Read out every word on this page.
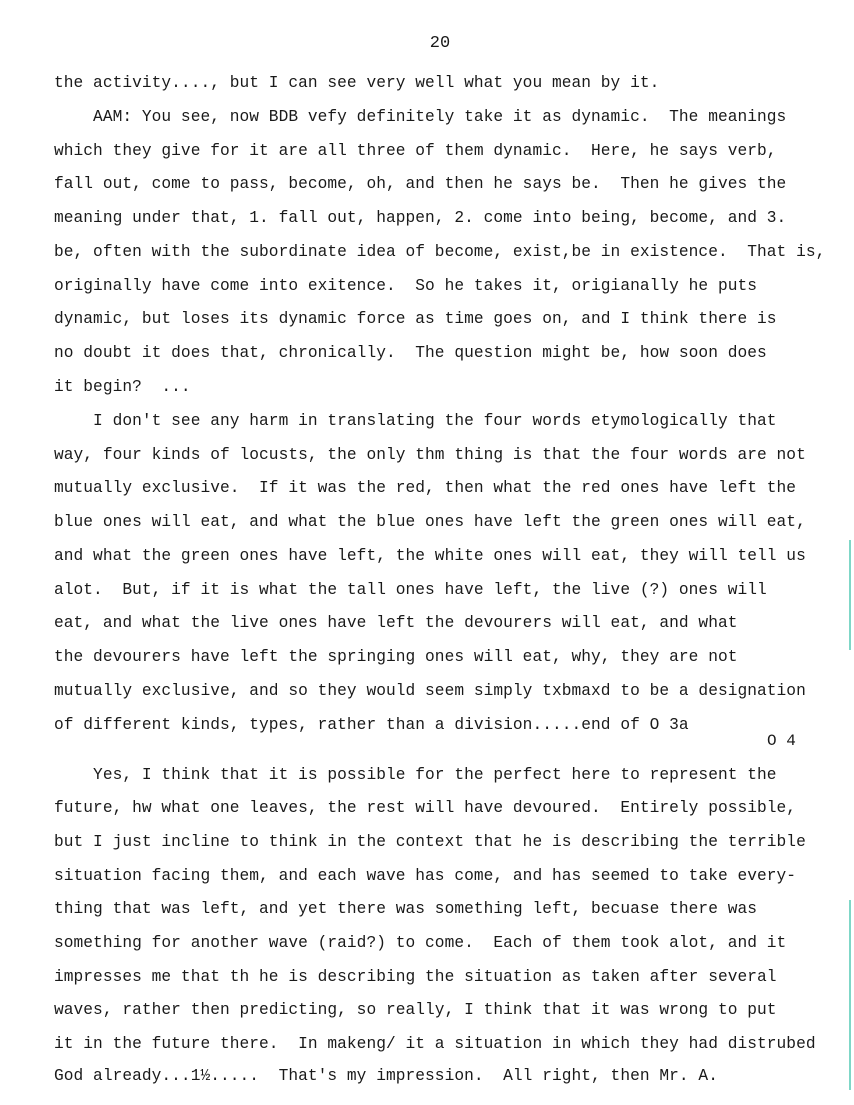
20
the activity...., but I can see very well what you mean by it.
AAM: You see, now BDB vefy definitely take it as dynamic.  The meanings
which they give for it are all three of them dynamic.  Here, he says verb,
fall out, come to pass, become, oh, and then he says be.  Then he gives the
meaning under that, 1. fall out, happen, 2. come into being, become, and 3.
be, often with the subordinate idea of become, exist,be in existence.  That is,
originally have come into exitence.  So he takes it, origianally he puts
dynamic, but loses its dynamic force as time goes on, and I think there is
no doubt it does that, chronically.  The question might be, how soon does
it begin?  ...
I don't see any harm in translating the four words etymologically that
way, four kinds of locusts, the only thm thing is that the four words are not
mutually exclusive.  If it was the red, then what the red ones have left the
blue ones will eat, and what the blue ones have left the green ones will eat,
and what the green ones have left, the white ones will eat, they will tell us
alot.  But, if it is what the tall ones have left, the live (?) ones will
eat, and what the live ones have left the devourers will eat, and what
the devourers have left the springing ones will eat, why, they are not
mutually exclusive, and so they would seem simply txbmaxd to be a designation
of different kinds, types, rather than a division.....end of O 3a
O 4
Yes, I think that it is possible for the perfect here to represent the
future, hw what one leaves, the rest will have devoured.  Entirely possible,
but I just incline to think in the context that he is describing the terrible
situation facing them, and each wave has come, and has seemed to take every-
thing that was left, and yet there was something left, becuase there was
something for another wave (raid?) to come.  Each of them took alot, and it
impresses me that th he is describing the situation as taken after several
waves, rather then predicting, so really, I think that it was wrong to put
it in the future there.  In makeng/ it a situation in which they had distrubed
God already...1½.....  That's my impression.  All right, then Mr. A.
